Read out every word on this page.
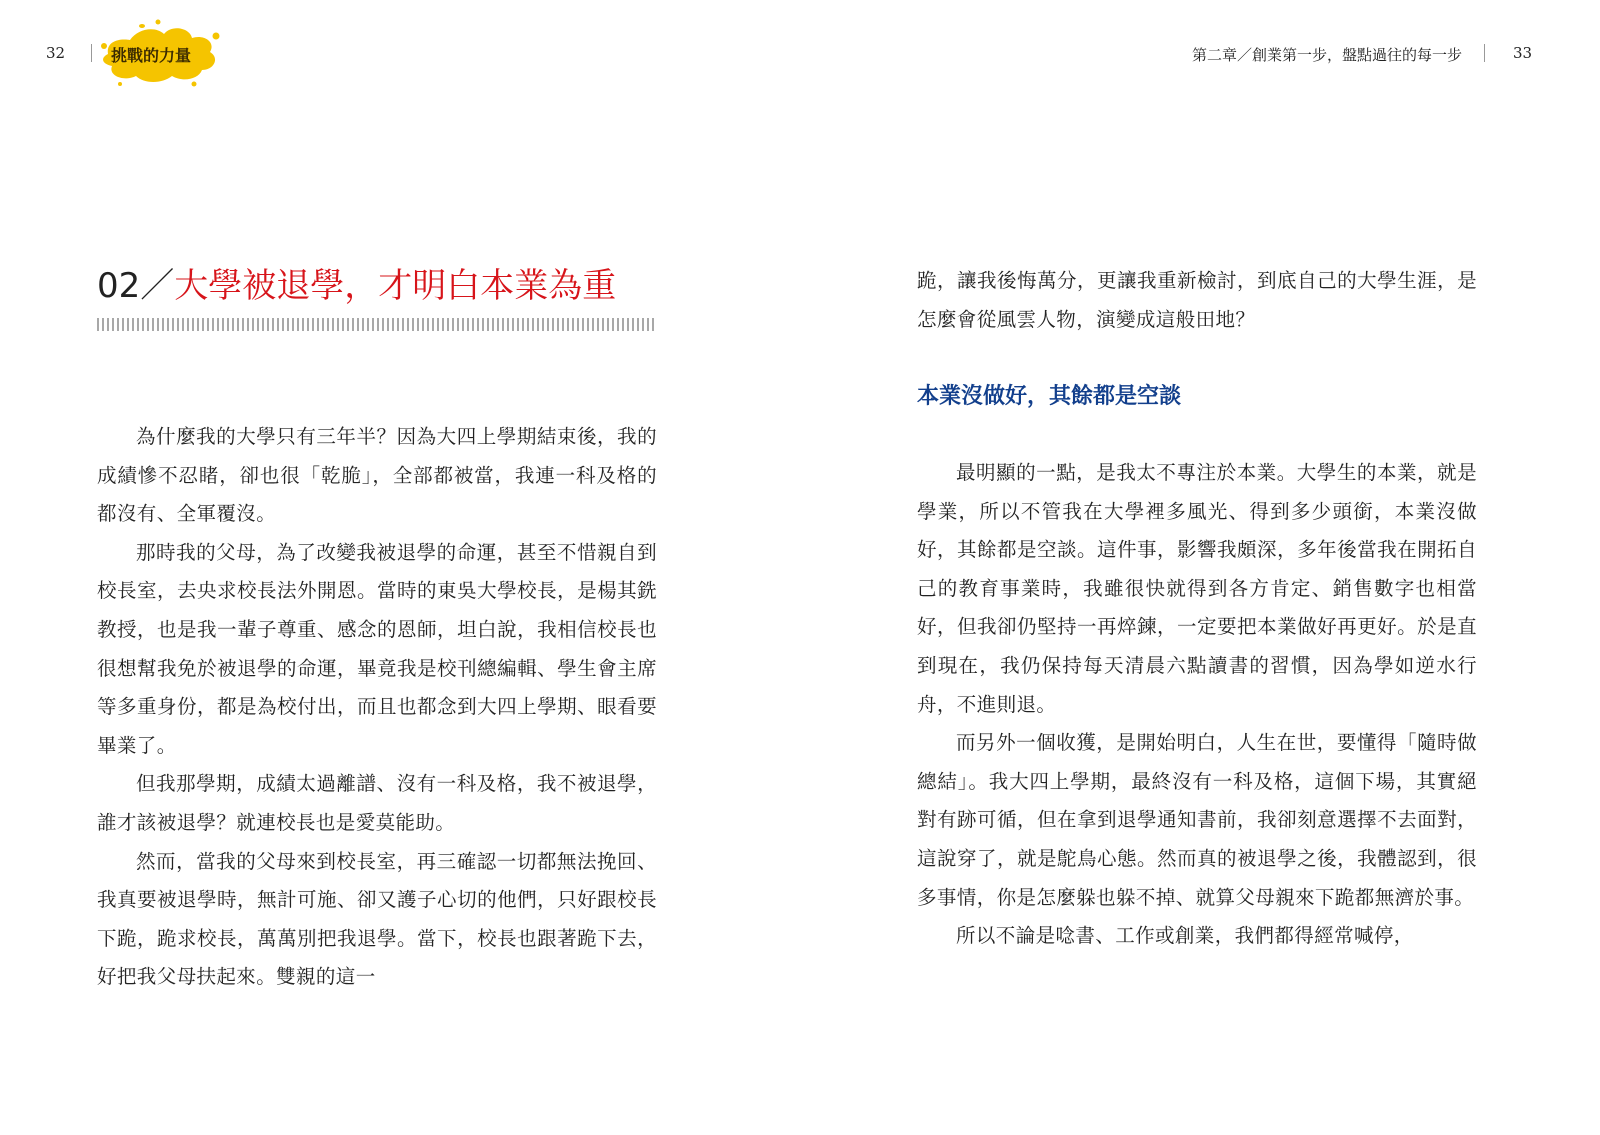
32	挑戰的力量
02／大學被退學，才明白本業為重

為什麼我的大學只有三年半？因為大四上學期結束後，我的成績慘不忍睹，卻也很「乾脆」，全部都被當，我連一科及格的都沒有、全軍覆沒。

那時我的父母，為了改變我被退學的命運，甚至不惜親自到校長室，去央求校長法外開恩。當時的東吳大學校長，是楊其銑教授，也是我一輩子尊重、感念的恩師，坦白說，我相信校長也很想幫我免於被退學的命運，畢竟我是校刊總編輯、學生會主席等多重身份，都是為校付出，而且也都念到大四上學期、眼看要畢業了。

但我那學期，成績太過離譜、沒有一科及格，我不被退學，誰才該被退學？就連校長也是愛莫能助。

然而，當我的父母來到校長室，再三確認一切都無法挽回、我真要被退學時，無計可施、卻又護子心切的他們，只好跟校長下跪，跪求校長，萬萬別把我退學。當下，校長也跟著跪下去，好把我父母扶起來。雙親的這一

第二章／創業第一步，盤點過往的每一步	33

跪，讓我後悔萬分，更讓我重新檢討，到底自己的大學生涯，是怎麼會從風雲人物，演變成這般田地？

本業沒做好，其餘都是空談

最明顯的一點，是我太不專注於本業。大學生的本業，就是學業，所以不管我在大學裡多風光、得到多少頭銜，本業沒做好，其餘都是空談。這件事，影響我頗深，多年後當我在開拓自己的教育事業時，我雖很快就得到各方肯定、銷售數字也相當好，但我卻仍堅持一再焠鍊，一定要把本業做好再更好。於是直到現在，我仍保持每天清晨六點讀書的習慣，因為學如逆水行舟，不進則退。

而另外一個收獲，是開始明白，人生在世，要懂得「隨時做總結」。我大四上學期，最終沒有一科及格，這個下場，其實絕對有跡可循，但在拿到退學通知書前，我卻刻意選擇不去面對，這說穿了，就是鴕鳥心態。然而真的被退學之後，我體認到，很多事情，你是怎麼躲也躲不掉、就算父母親來下跪都無濟於事。

所以不論是唸書、工作或創業，我們都得經常喊停，
